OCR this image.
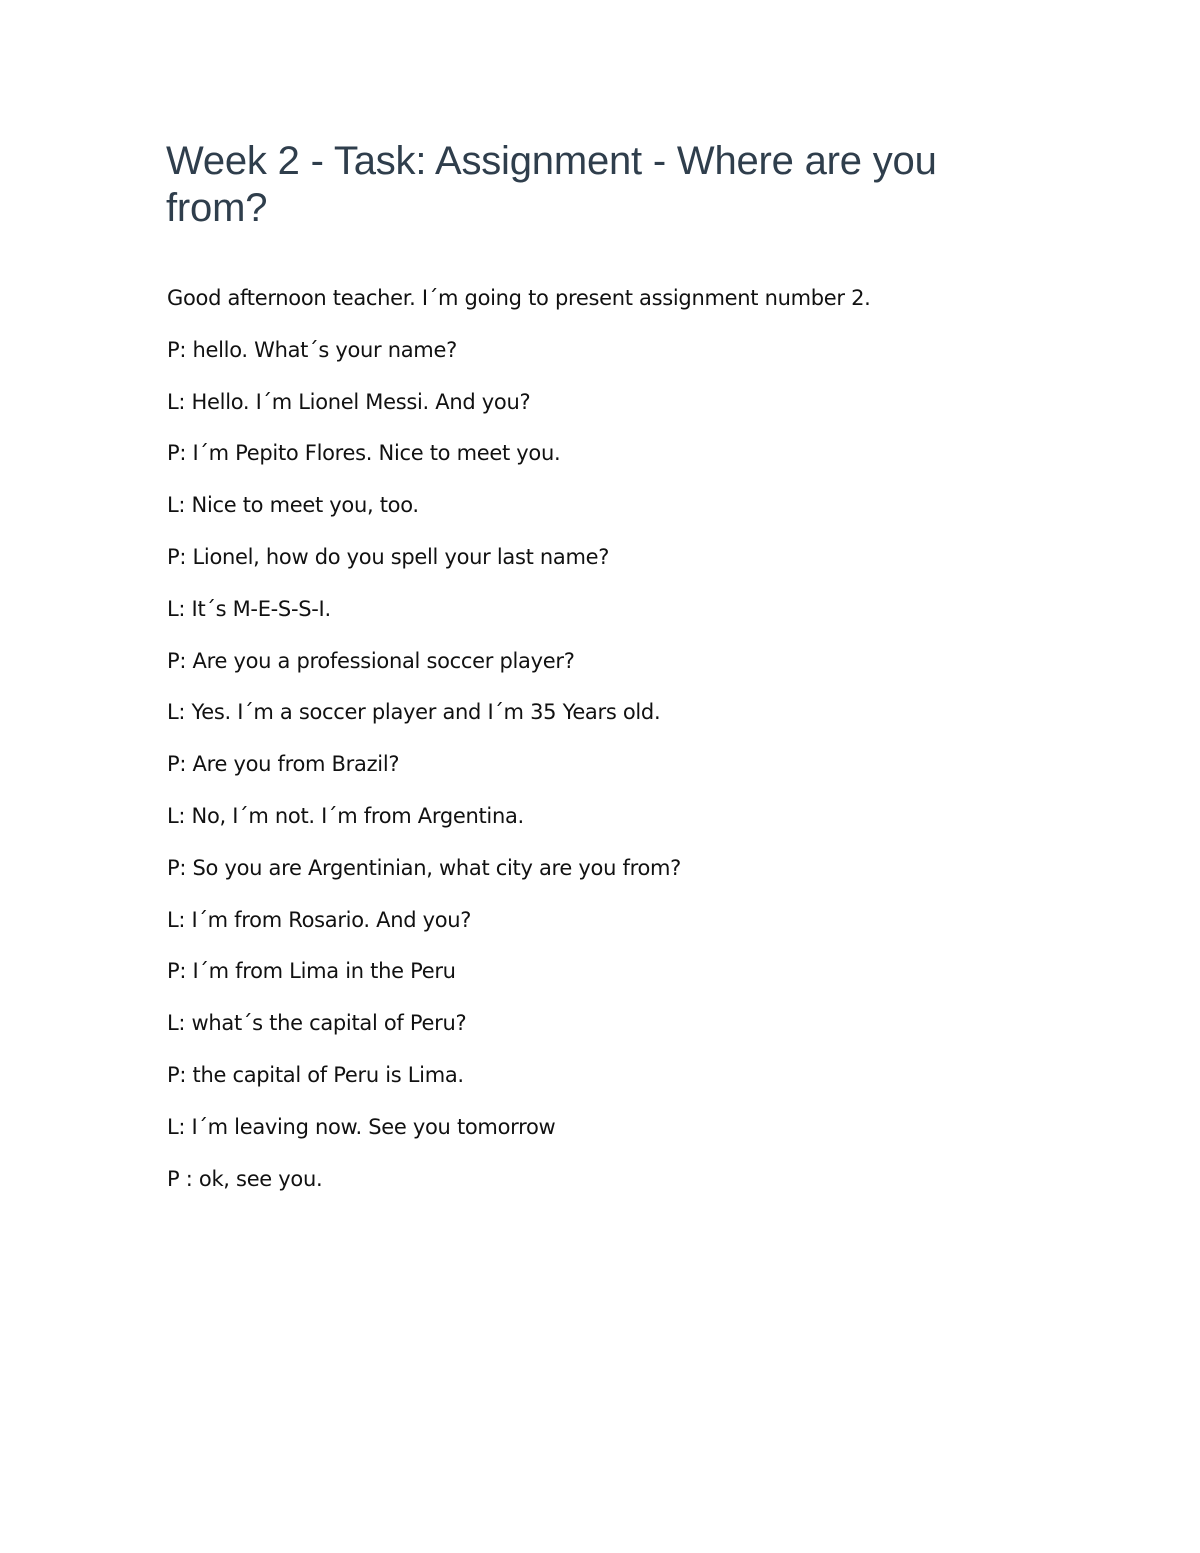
Week 2 - Task: Assignment - Where are you from?
Good afternoon teacher. I´m going to present assignment number 2.
P: hello. What´s your name?
L: Hello. I´m Lionel Messi. And you?
P: I´m Pepito Flores. Nice to meet you.
L: Nice to meet you, too.
P: Lionel, how do you spell your last name?
L: It´s M-E-S-S-I.
P: Are you a professional soccer player?
L: Yes. I´m a soccer player and I´m 35 Years old.
P: Are you from Brazil?
L: No, I´m not. I´m from Argentina.
P: So you are Argentinian, what city are you from?
L: I´m from Rosario. And you?
P: I´m from Lima in the Peru
L: what´s the capital of Peru?
P: the capital of Peru is Lima.
L: I´m leaving now. See you tomorrow
P : ok, see you.
